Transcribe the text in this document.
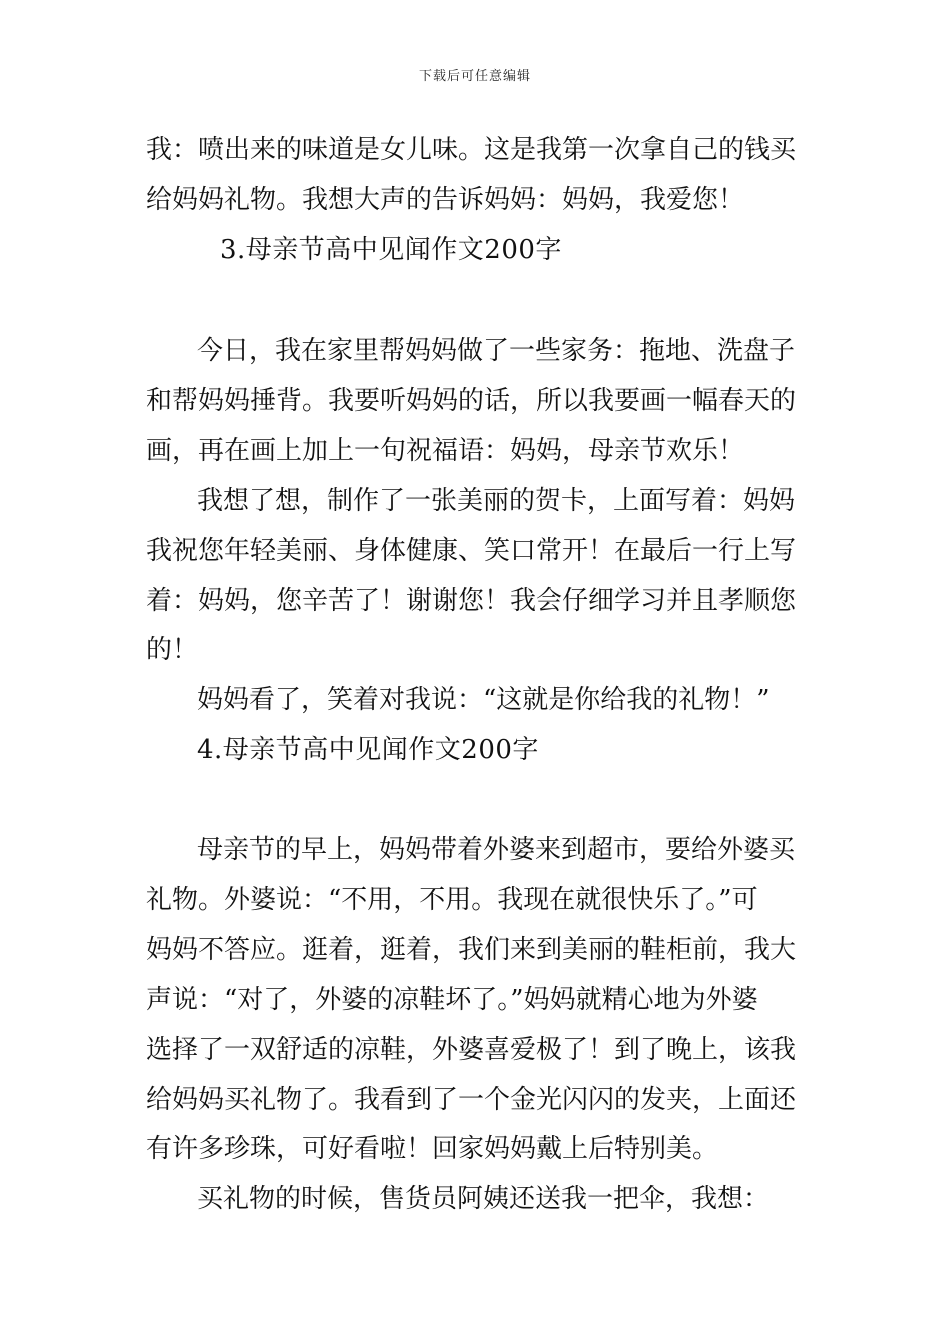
下载后可任意编辑
我：喷出来的味道是女儿味。这是我第一次拿自己的钱买
给妈妈礼物。我想大声的告诉妈妈：妈妈，我爱您！
3.母亲节高中见闻作文200字
今日，我在家里帮妈妈做了一些家务：拖地、洗盘子
和帮妈妈捶背。我要听妈妈的话，所以我要画一幅春天的
画，再在画上加上一句祝福语：妈妈，母亲节欢乐！
我想了想，制作了一张美丽的贺卡，上面写着：妈妈
我祝您年轻美丽、身体健康、笑口常开！在最后一行上写
着：妈妈，您辛苦了！谢谢您！我会仔细学习并且孝顺您
的！
妈妈看了，笑着对我说：“这就是你给我的礼物！”
4.母亲节高中见闻作文200字
母亲节的早上，妈妈带着外婆来到超市，要给外婆买
礼物。外婆说：“不用，不用。我现在就很快乐了。”可
妈妈不答应。逛着，逛着，我们来到美丽的鞋柜前，我大
声说：“对了，外婆的凉鞋坏了。”妈妈就精心地为外婆
选择了一双舒适的凉鞋，外婆喜爱极了！到了晚上，该我
给妈妈买礼物了。我看到了一个金光闪闪的发夹，上面还
有许多珍珠，可好看啦！回家妈妈戴上后特别美。
买礼物的时候，售货员阿姨还送我一把伞，我想：
